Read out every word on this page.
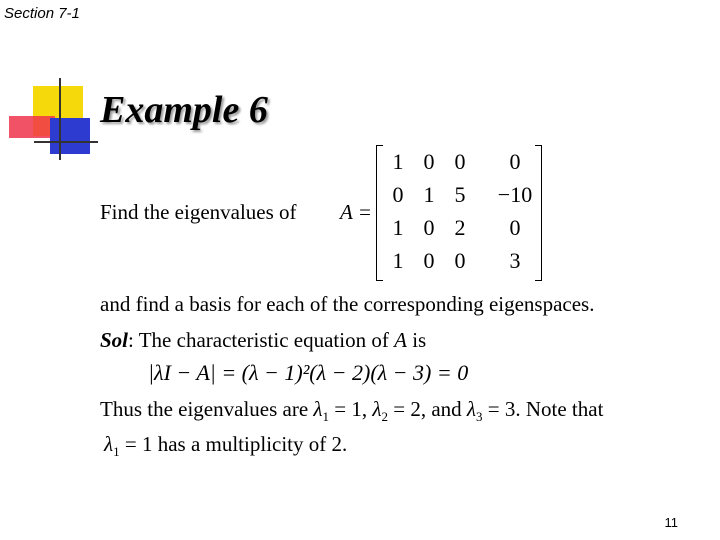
Section 7-1
Example 6
Find the eigenvalues of A =
1 0 0	0
0 1 5	−10
1 0 2	0
1 0 0	3
and find a basis for each of the corresponding eigenspaces.
Sol: The characteristic equation of A is
|λI − A| = (λ − 1)²(λ − 2)(λ − 3) = 0
Thus the eigenvalues are $\lambda_1 = 1$, $\lambda_2 = 2$, and $\lambda_3 = 3$. Note that
$\lambda_1 = 1$ has a multiplicity of 2.
11
